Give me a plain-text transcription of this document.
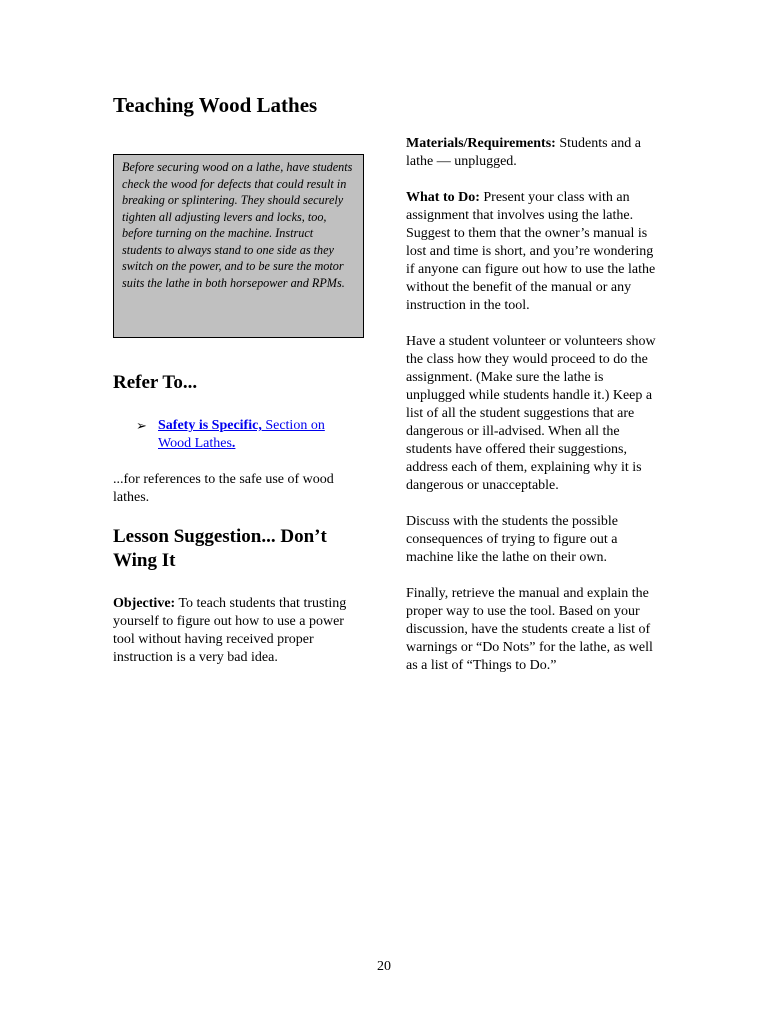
Teaching Wood Lathes
Before securing wood on a lathe, have students check the wood for defects that could result in breaking or splintering. They should securely tighten all adjusting levers and locks, too, before turning on the machine. Instruct students to always stand to one side as they switch on the power, and to be sure the motor suits the lathe in both horsepower and RPMs.
Refer To...
➢ Safety is Specific, Section on Wood Lathes.

...for references to the safe use of wood lathes.

Lesson Suggestion... Don’t Wing It

Objective: To teach students that trusting yourself to figure out how to use a power tool without having received proper instruction is a very bad idea.

Materials/Requirements: Students and a lathe — unplugged.

What to Do: Present your class with an assignment that involves using the lathe. Suggest to them that the owner’s manual is lost and time is short, and you’re wondering if anyone can figure out how to use the lathe without the benefit of the manual or any instruction in the tool.

Have a student volunteer or volunteers show the class how they would proceed to do the assignment. (Make sure the lathe is unplugged while students handle it.) Keep a list of all the student suggestions that are dangerous or ill-advised. When all the students have offered their suggestions, address each of them, explaining why it is dangerous or unacceptable.

Discuss with the students the possible consequences of trying to figure out a machine like the lathe on their own.

Finally, retrieve the manual and explain the proper way to use the tool. Based on your discussion, have the students create a list of warnings or “Do Nots” for the lathe, as well as a list of “Things to Do.”

20
